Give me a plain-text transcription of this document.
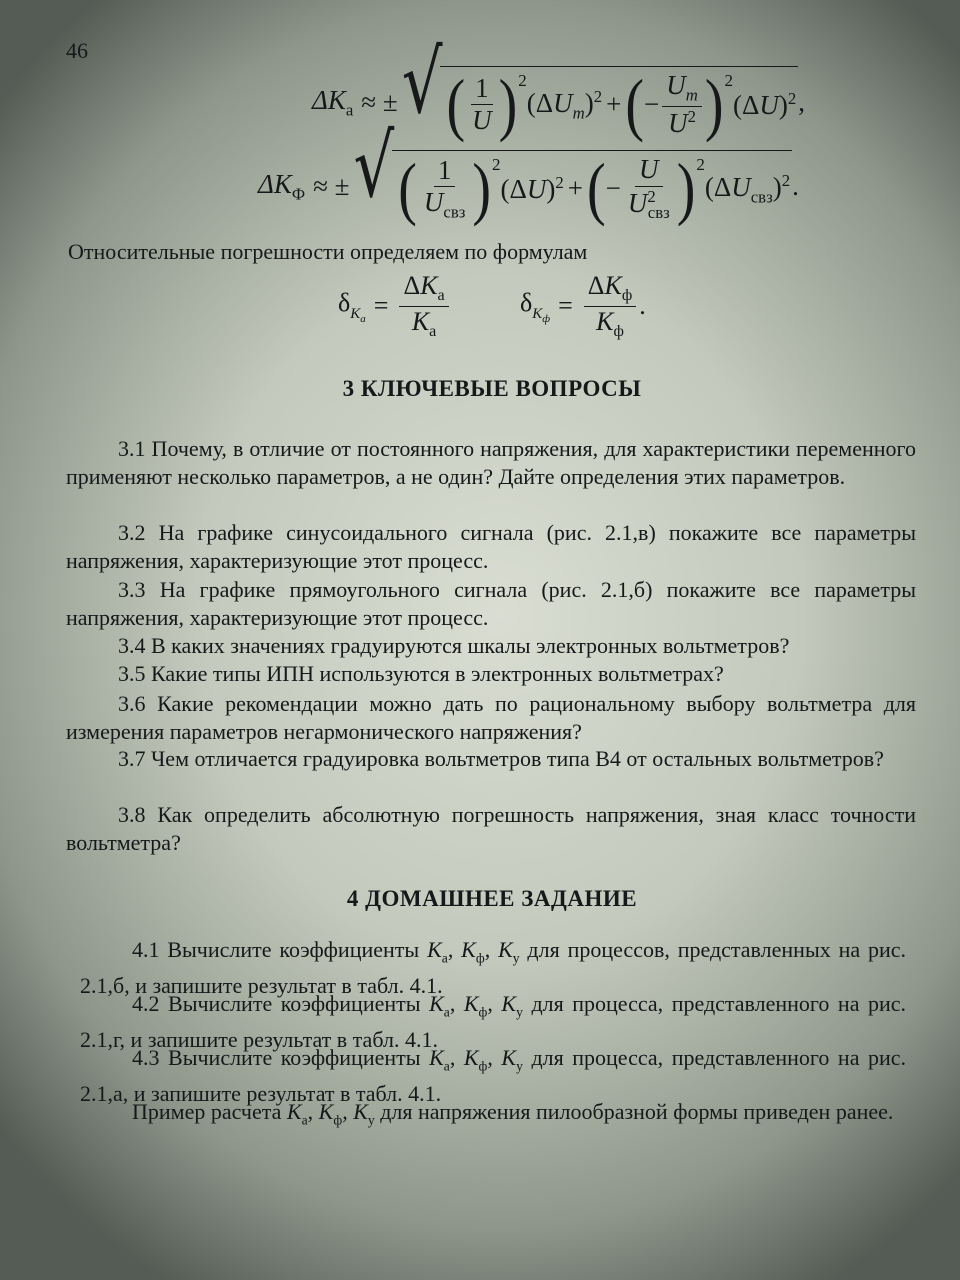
46
$\Delta K_а$ ≈ ± √ ( $\frac{1}{U}$ ) 2
$(\Delta U_m)^2$ + ( − $\frac{U_m}{U^2}$ ) 2
$(\Delta U)^2$ ,
$\Delta K_Ф$ ≈ ± √ ( $\frac{1}{U_{свз}}$ ) 2
$(\Delta U)^2$ + ( − $\frac{U}{U^2_{свз}}$ ) 2
$(\Delta U_{свз})^2$ .
Относительные погрешности определяем по формулам
$\delta_{K_а} = \frac{\Delta K_а}{K_а}$	$\delta_{K_ф} = \frac{\Delta K_ф}{K_ф}$ .
3 КЛЮЧЕВЫЕ ВОПРОСЫ
3.1 Почему, в отличие от постоянного напряжения, для характеристики переменного применяют несколько параметров, а не один? Дайте определения этих параметров.
3.2 На графике синусоидального сигнала (рис. 2.1,в) покажите все параметры напряжения, характеризующие этот процесс.
3.3 На графике прямоугольного сигнала (рис. 2.1,б) покажите все параметры напряжения, характеризующие этот процесс.
3.4 В каких значениях градуируются шкалы электронных вольтметров?
3.5 Какие типы ИПН используются в электронных вольтметрах?
3.6 Какие рекомендации можно дать по рациональному выбору вольтметра для измерения параметров негармонического напряжения?
3.7 Чем отличается градуировка вольтметров типа В4 от остальных вольтметров?
3.8 Как определить абсолютную погрешность напряжения, зная класс точности вольтметра?
4 ДОМАШНЕЕ ЗАДАНИЕ
4.1 Вычислите коэффициенты $K_а$, $K_ф$, $K_у$ для процессов, представленных на рис. 2.1,б, и запишите результат в табл. 4.1.
4.2 Вычислите коэффициенты $K_а$, $K_ф$, $K_у$ для процесса, представленного на рис. 2.1,г, и запишите результат в табл. 4.1.
4.3 Вычислите коэффициенты $K_а$, $K_ф$, $K_у$ для процесса, представленного на рис. 2.1,а, и запишите результат в табл. 4.1.
Пример расчета $K_а$, $K_ф$, $K_у$ для напряжения пилообразной формы приведен ранее.
